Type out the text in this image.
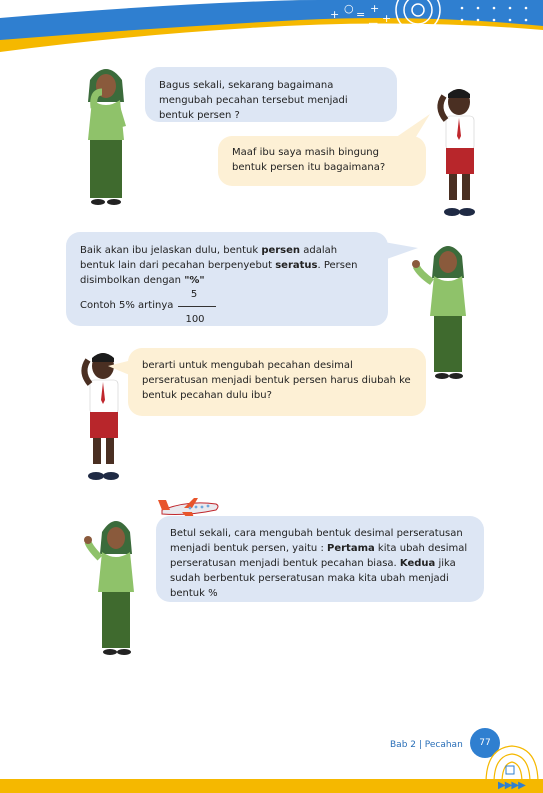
+ ○ = +
÷ △ □
+
○
Bagus sekali, sekarang bagaimana mengubah pecahan tersebut menjadi bentuk persen ?
Maaf ibu saya masih bingung bentuk persen itu bagaimana?
Baik akan ibu jelaskan dulu, bentuk persen adalah bentuk lain dari pecahan berpenyebut seratus. Persen disimbolkan dengan "%"
Contoh 5% artinya
5
100
berarti untuk mengubah pecahan desimal perseratusan menjadi bentuk persen harus diubah ke bentuk pecahan dulu ibu?
Betul sekali, cara mengubah bentuk desimal perseratusan menjadi bentuk persen, yaitu : Pertama kita ubah desimal perseratusan menjadi bentuk pecahan biasa. Kedua jika sudah berbentuk perseratusan maka kita ubah menjadi bentuk %
Bab 2 | Pecahan	77
▶▶▶▶
